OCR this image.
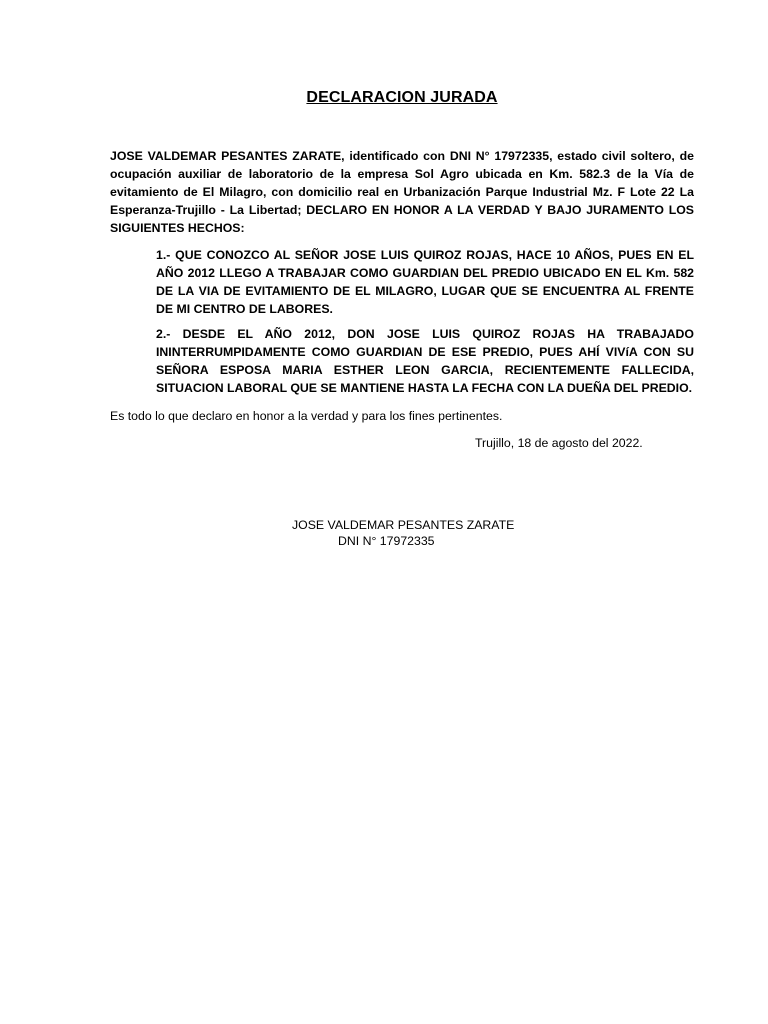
DECLARACION JURADA

JOSE VALDEMAR PESANTES ZARATE, identificado con DNI N° 17972335, estado civil soltero, de ocupación auxiliar de laboratorio de la empresa Sol Agro ubicada en Km. 582.3 de la Vía de evitamiento de El Milagro, con domicilio real en Urbanización Parque Industrial Mz. F Lote 22 La Esperanza-Trujillo - La Libertad; DECLARO EN HONOR A LA VERDAD Y BAJO JURAMENTO LOS SIGUIENTES HECHOS:

1.- QUE CONOZCO AL SEÑOR JOSE LUIS QUIROZ ROJAS, HACE 10 AÑOS, PUES EN EL AÑO 2012 LLEGO A TRABAJAR COMO GUARDIAN DEL PREDIO UBICADO EN EL Km. 582 DE LA VIA DE EVITAMIENTO DE EL MILAGRO, LUGAR QUE SE ENCUENTRA AL FRENTE DE MI CENTRO DE LABORES.

2.- DESDE EL AÑO 2012, DON JOSE LUIS QUIROZ ROJAS HA TRABAJADO ININTERRUMPIDAMENTE COMO GUARDIAN DE ESE PREDIO, PUES AHÍ VIVíA CON SU SEÑORA ESPOSA MARIA ESTHER LEON GARCIA, RECIENTEMENTE FALLECIDA, SITUACION LABORAL QUE SE MANTIENE HASTA LA FECHA CON LA DUEÑA DEL PREDIO.

Es todo lo que declaro en honor a la verdad y para los fines pertinentes.

Trujillo, 18 de agosto del 2022.

JOSE VALDEMAR PESANTES ZARATE

DNI N° 17972335
